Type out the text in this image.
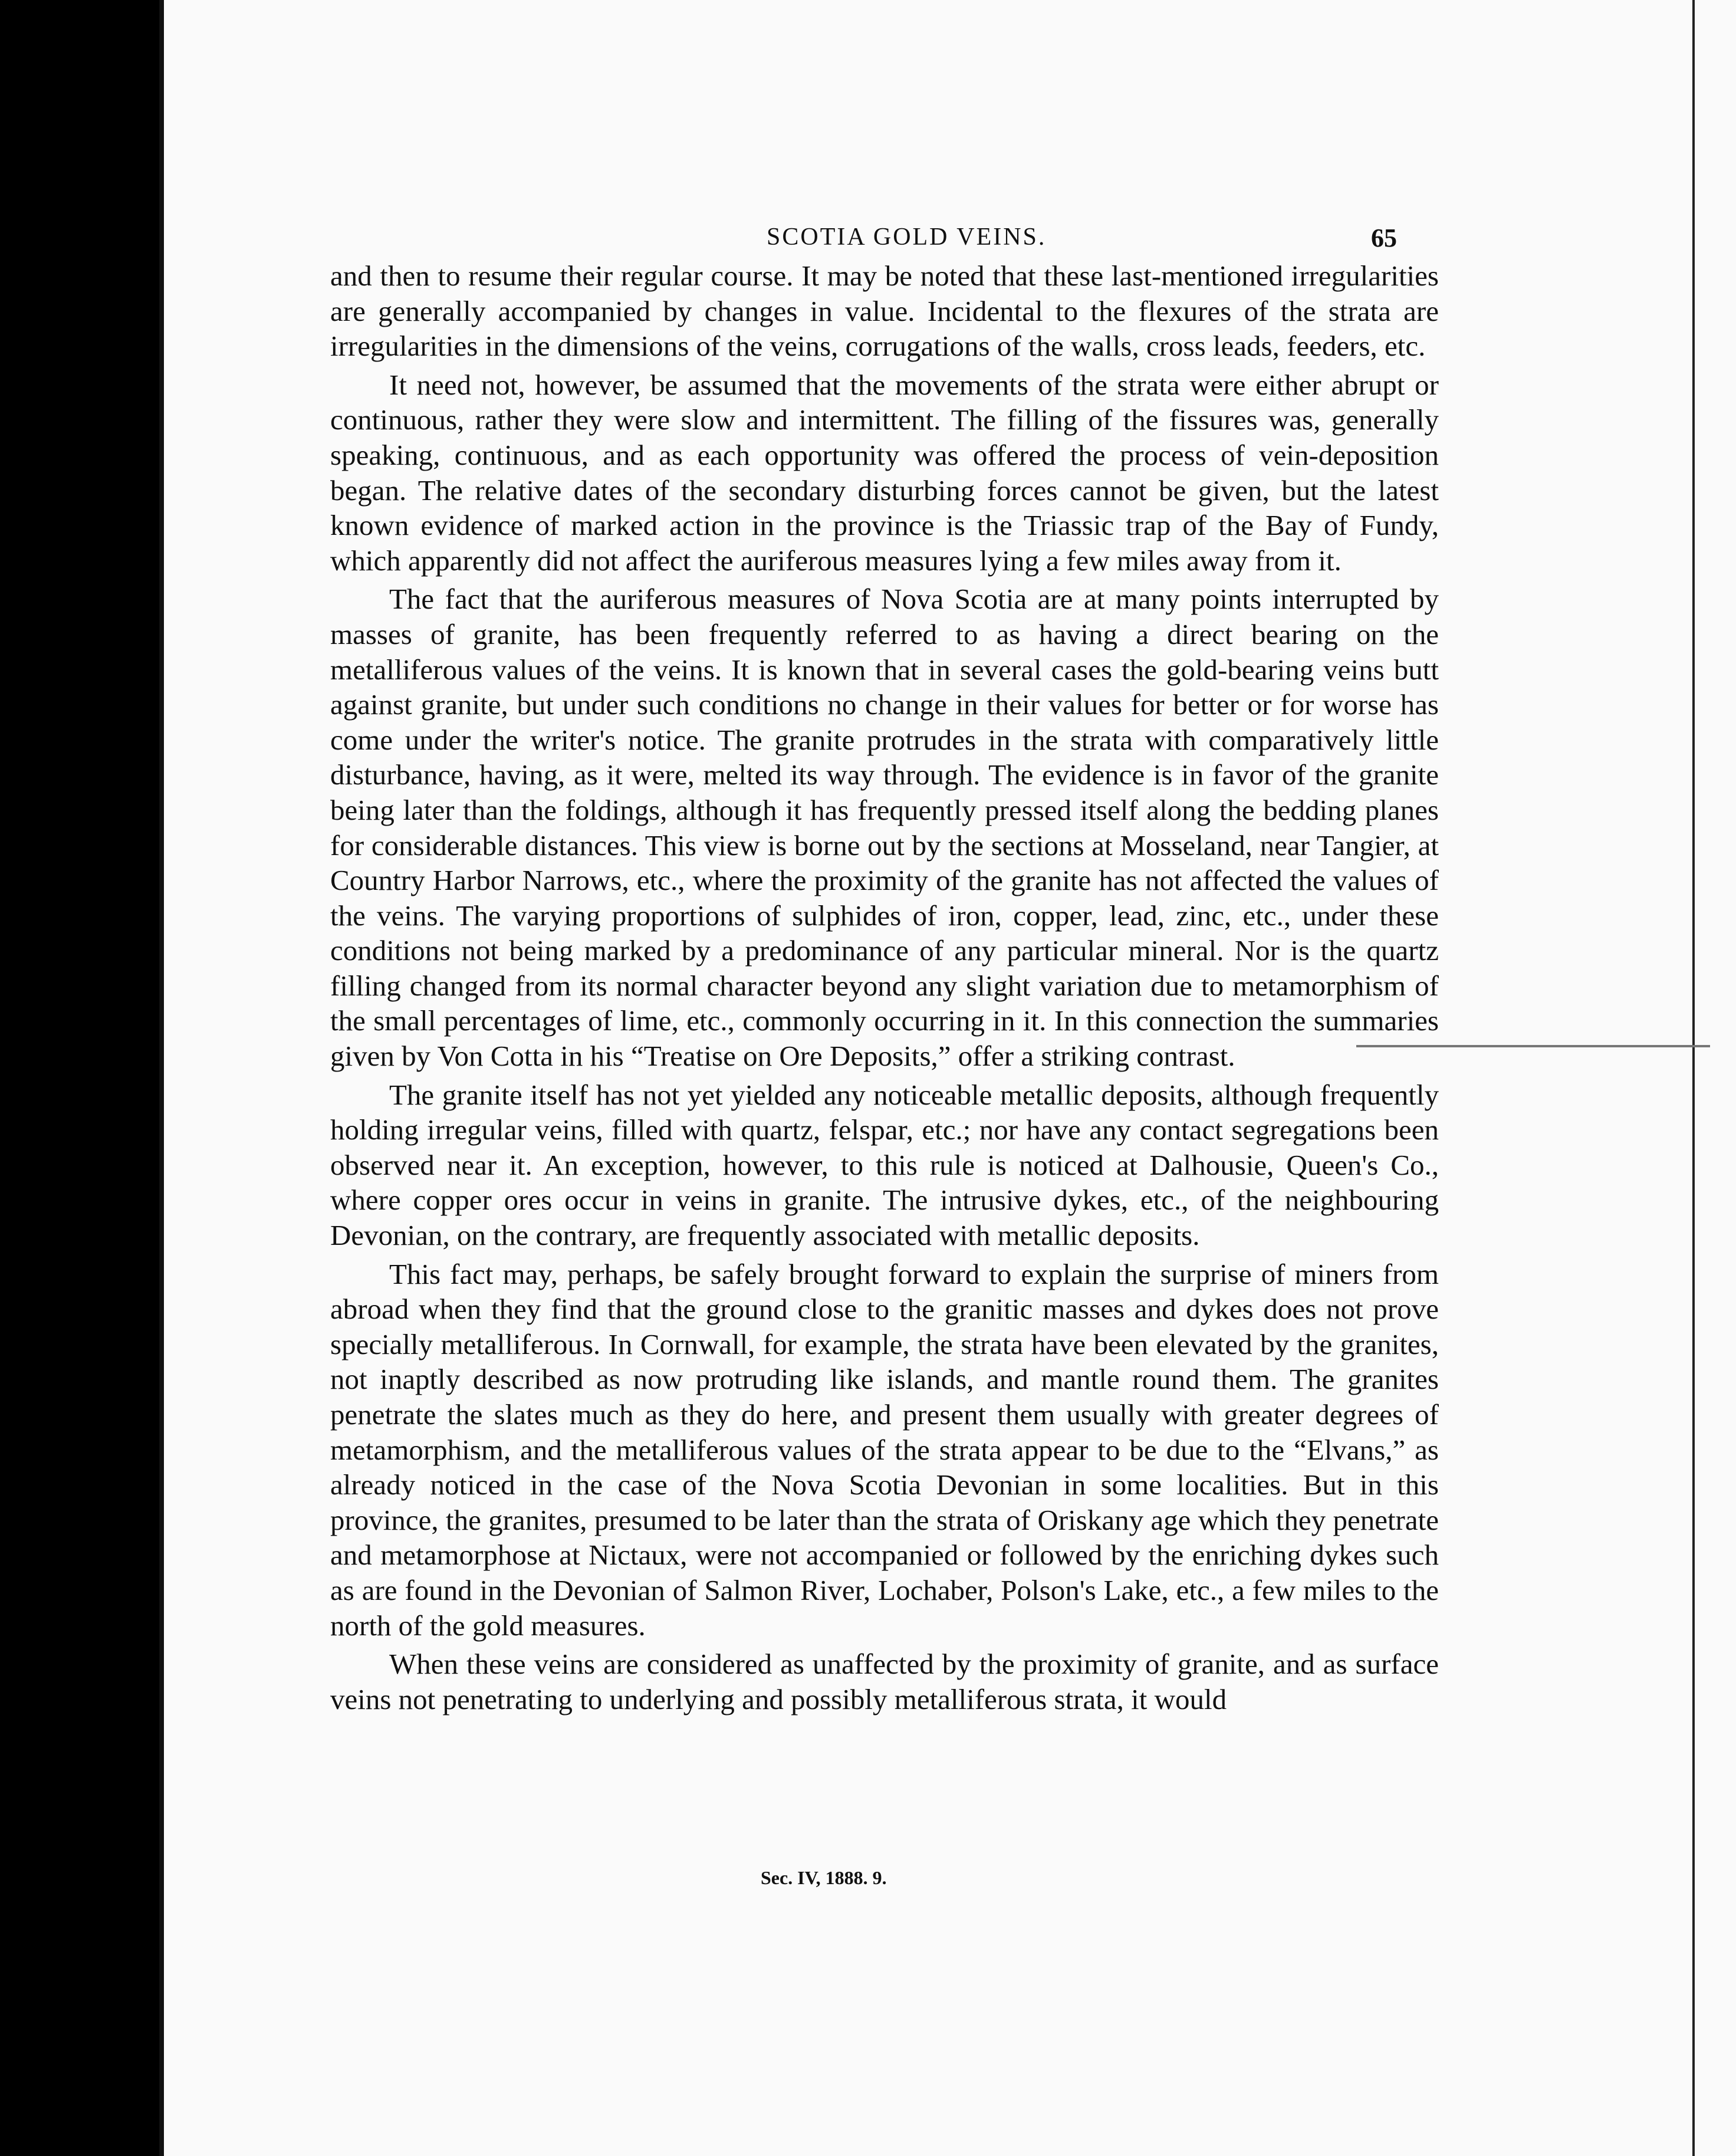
SCOTIA GOLD VEINS.	65

and then to resume their regular course. It may be noted that these last-mentioned irregularities are generally accompanied by changes in value. Incidental to the flexures of the strata are irregularities in the dimensions of the veins, corrugations of the walls, cross leads, feeders, etc.

It need not, however, be assumed that the movements of the strata were either abrupt or continuous, rather they were slow and intermittent. The filling of the fissures was, generally speaking, continuous, and as each opportunity was offered the process of vein-deposition began. The relative dates of the secondary disturbing forces cannot be given, but the latest known evidence of marked action in the province is the Triassic trap of the Bay of Fundy, which apparently did not affect the auriferous measures lying a few miles away from it.

The fact that the auriferous measures of Nova Scotia are at many points interrupted by masses of granite, has been frequently referred to as having a direct bearing on the metalliferous values of the veins. It is known that in several cases the gold-bearing veins butt against granite, but under such conditions no change in their values for better or for worse has come under the writer's notice. The granite protrudes in the strata with comparatively little disturbance, having, as it were, melted its way through. The evidence is in favor of the granite being later than the foldings, although it has frequently pressed itself along the bedding planes for considerable distances. This view is borne out by the sections at Mosseland, near Tangier, at Country Harbor Narrows, etc., where the proximity of the granite has not affected the values of the veins. The varying proportions of sulphides of iron, copper, lead, zinc, etc., under these conditions not being marked by a predominance of any particular mineral. Nor is the quartz filling changed from its normal character beyond any slight variation due to metamorphism of the small percentages of lime, etc., commonly occurring in it. In this connection the summaries given by Von Cotta in his “Treatise on Ore Deposits,” offer a striking contrast.

The granite itself has not yet yielded any noticeable metallic deposits, although frequently holding irregular veins, filled with quartz, felspar, etc.; nor have any contact segregations been observed near it. An exception, however, to this rule is noticed at Dalhousie, Queen's Co., where copper ores occur in veins in granite. The intrusive dykes, etc., of the neighbouring Devonian, on the contrary, are frequently associated with metallic deposits.

This fact may, perhaps, be safely brought forward to explain the surprise of miners from abroad when they find that the ground close to the granitic masses and dykes does not prove specially metalliferous. In Cornwall, for example, the strata have been elevated by the granites, not inaptly described as now protruding like islands, and mantle round them. The granites penetrate the slates much as they do here, and present them usually with greater degrees of metamorphism, and the metalliferous values of the strata appear to be due to the “Elvans,” as already noticed in the case of the Nova Scotia Devonian in some localities. But in this province, the granites, presumed to be later than the strata of Oriskany age which they penetrate and metamorphose at Nictaux, were not accompanied or followed by the enriching dykes such as are found in the Devonian of Salmon River, Lochaber, Polson's Lake, etc., a few miles to the north of the gold measures.

When these veins are considered as unaffected by the proximity of granite, and as surface veins not penetrating to underlying and possibly metalliferous strata, it would

Sec. IV, 1888. 9.
